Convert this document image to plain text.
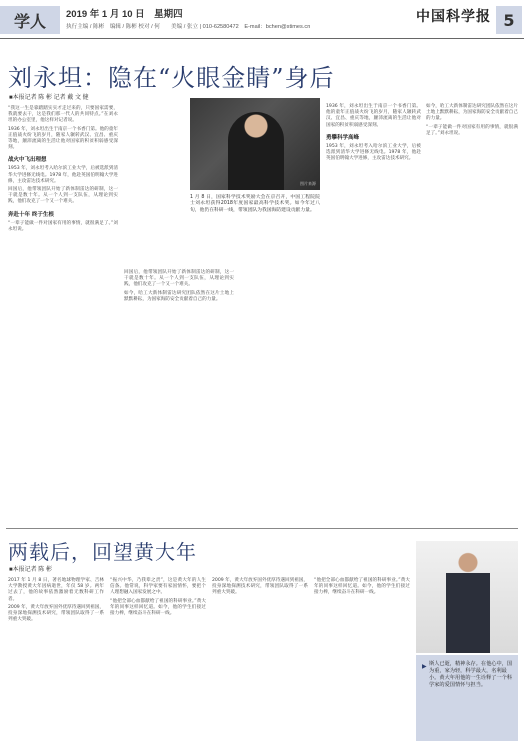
学人	2019 年 1 月 10 日　星期四
执行主编 / 陈彬　编辑 / 陈彬 校对 / 何　　美编 / 张立 | 010-62580472　E-mail：bchen@stimes.cn
中国科学报 5
刘永坦：隐在“火眼金睛”身后
■本报记者 陈 彬 记者 戴 文 健

“我这一生是靠踏踏实实才走过来的，只要国家需要，我就要去干，这是我们那一代人的共同特点。”在刘永坦的办公室里，他这样对记者说。

1936 年，刘永坦出生于南京一个书香门第。他的童年正值战火纷飞的岁月，随家人辗转武汉、宜昌、重庆等地，颠沛流离的生活让他对国家的积贫积弱感受深刻。

战火中飞出理想

1953 年，刘永坦考入哈尔滨工业大学，后被选派到清华大学进修无线电。1978 年，他赴英国伯明翰大学进修，主攻雷达技术研究。

回国后，他带领团队开始了新体制雷达的研制，这一干就是数十年。从一个人到一支队伍，从理论到实践，他们攻克了一个又一个难关。

奔赴十年 终于生根

“一辈子能做一件对国家有用的事情，就很满足了。”刘永坦说。

回国后，他带领团队开始了新体制雷达的研制，这一干就是数十年。从一个人到一支队伍，从理论到实践，他们攻克了一个又一个难关。

如今，哈工大新体制雷达研究团队依然在这片土地上默默耕耘，为国家海防安全贡献着自己的力量。

1936 年，刘永坦出生于南京一个书香门第。他的童年正值战火纷飞的岁月，随家人辗转武汉、宜昌、重庆等地，颠沛流离的生活让他对国家的积贫积弱感受深刻。

勇攀科学高峰

1953 年，刘永坦考入哈尔滨工业大学，后被选派到清华大学进修无线电。1978 年，他赴英国伯明翰大学进修，主攻雷达技术研究。

如今，哈工大新体制雷达研究团队依然在这片土地上默默耕耘，为国家海防安全贡献着自己的力量。

“一辈子能做一件对国家有用的事情，就很满足了。”刘永坦说。

图片来源

1 月 8 日，国家科学技术奖励大会在京召开，中国工程院院士刘永坦获得2018年度国家最高科学技术奖。如今年过八旬，他仍在科研一线，带领团队为我国海防建设贡献力量。

两载后，回望黄大年
■本报记者 陈 彬

2017 年 1 月 8 日，著名地球物理学家、吉林大学教授黄大年因病逝世，年仅 58 岁。两年过去了，他的故事依然激励着无数科研工作者。

2009 年，黄大年放弃国外优厚待遇回到祖国，投身深地探测技术研究，带领团队取得了一系列重大突破。

“振兴中华，乃我辈之责”，这是黄大年的人生信条。他常说，科学家要有家国情怀，要把个人理想融入国家发展之中。

“他把全部心血都献给了祖国的科研事业。”黄大年的同事这样回忆道。如今，他的学生们接过接力棒，继续奋斗在科研一线。

2009 年，黄大年放弃国外优厚待遇回到祖国，投身深地探测技术研究，带领团队取得了一系列重大突破。

“他把全部心血都献给了祖国的科研事业。”黄大年的同事这样回忆道。如今，他的学生们接过接力棒，继续奋斗在科研一线。

▶ 斯人已逝，精神永存。在他心中，国为重，家为轻，科学最大，名利最小。黄大年用他的一生诠释了一个科学家的爱国情怀与担当。
